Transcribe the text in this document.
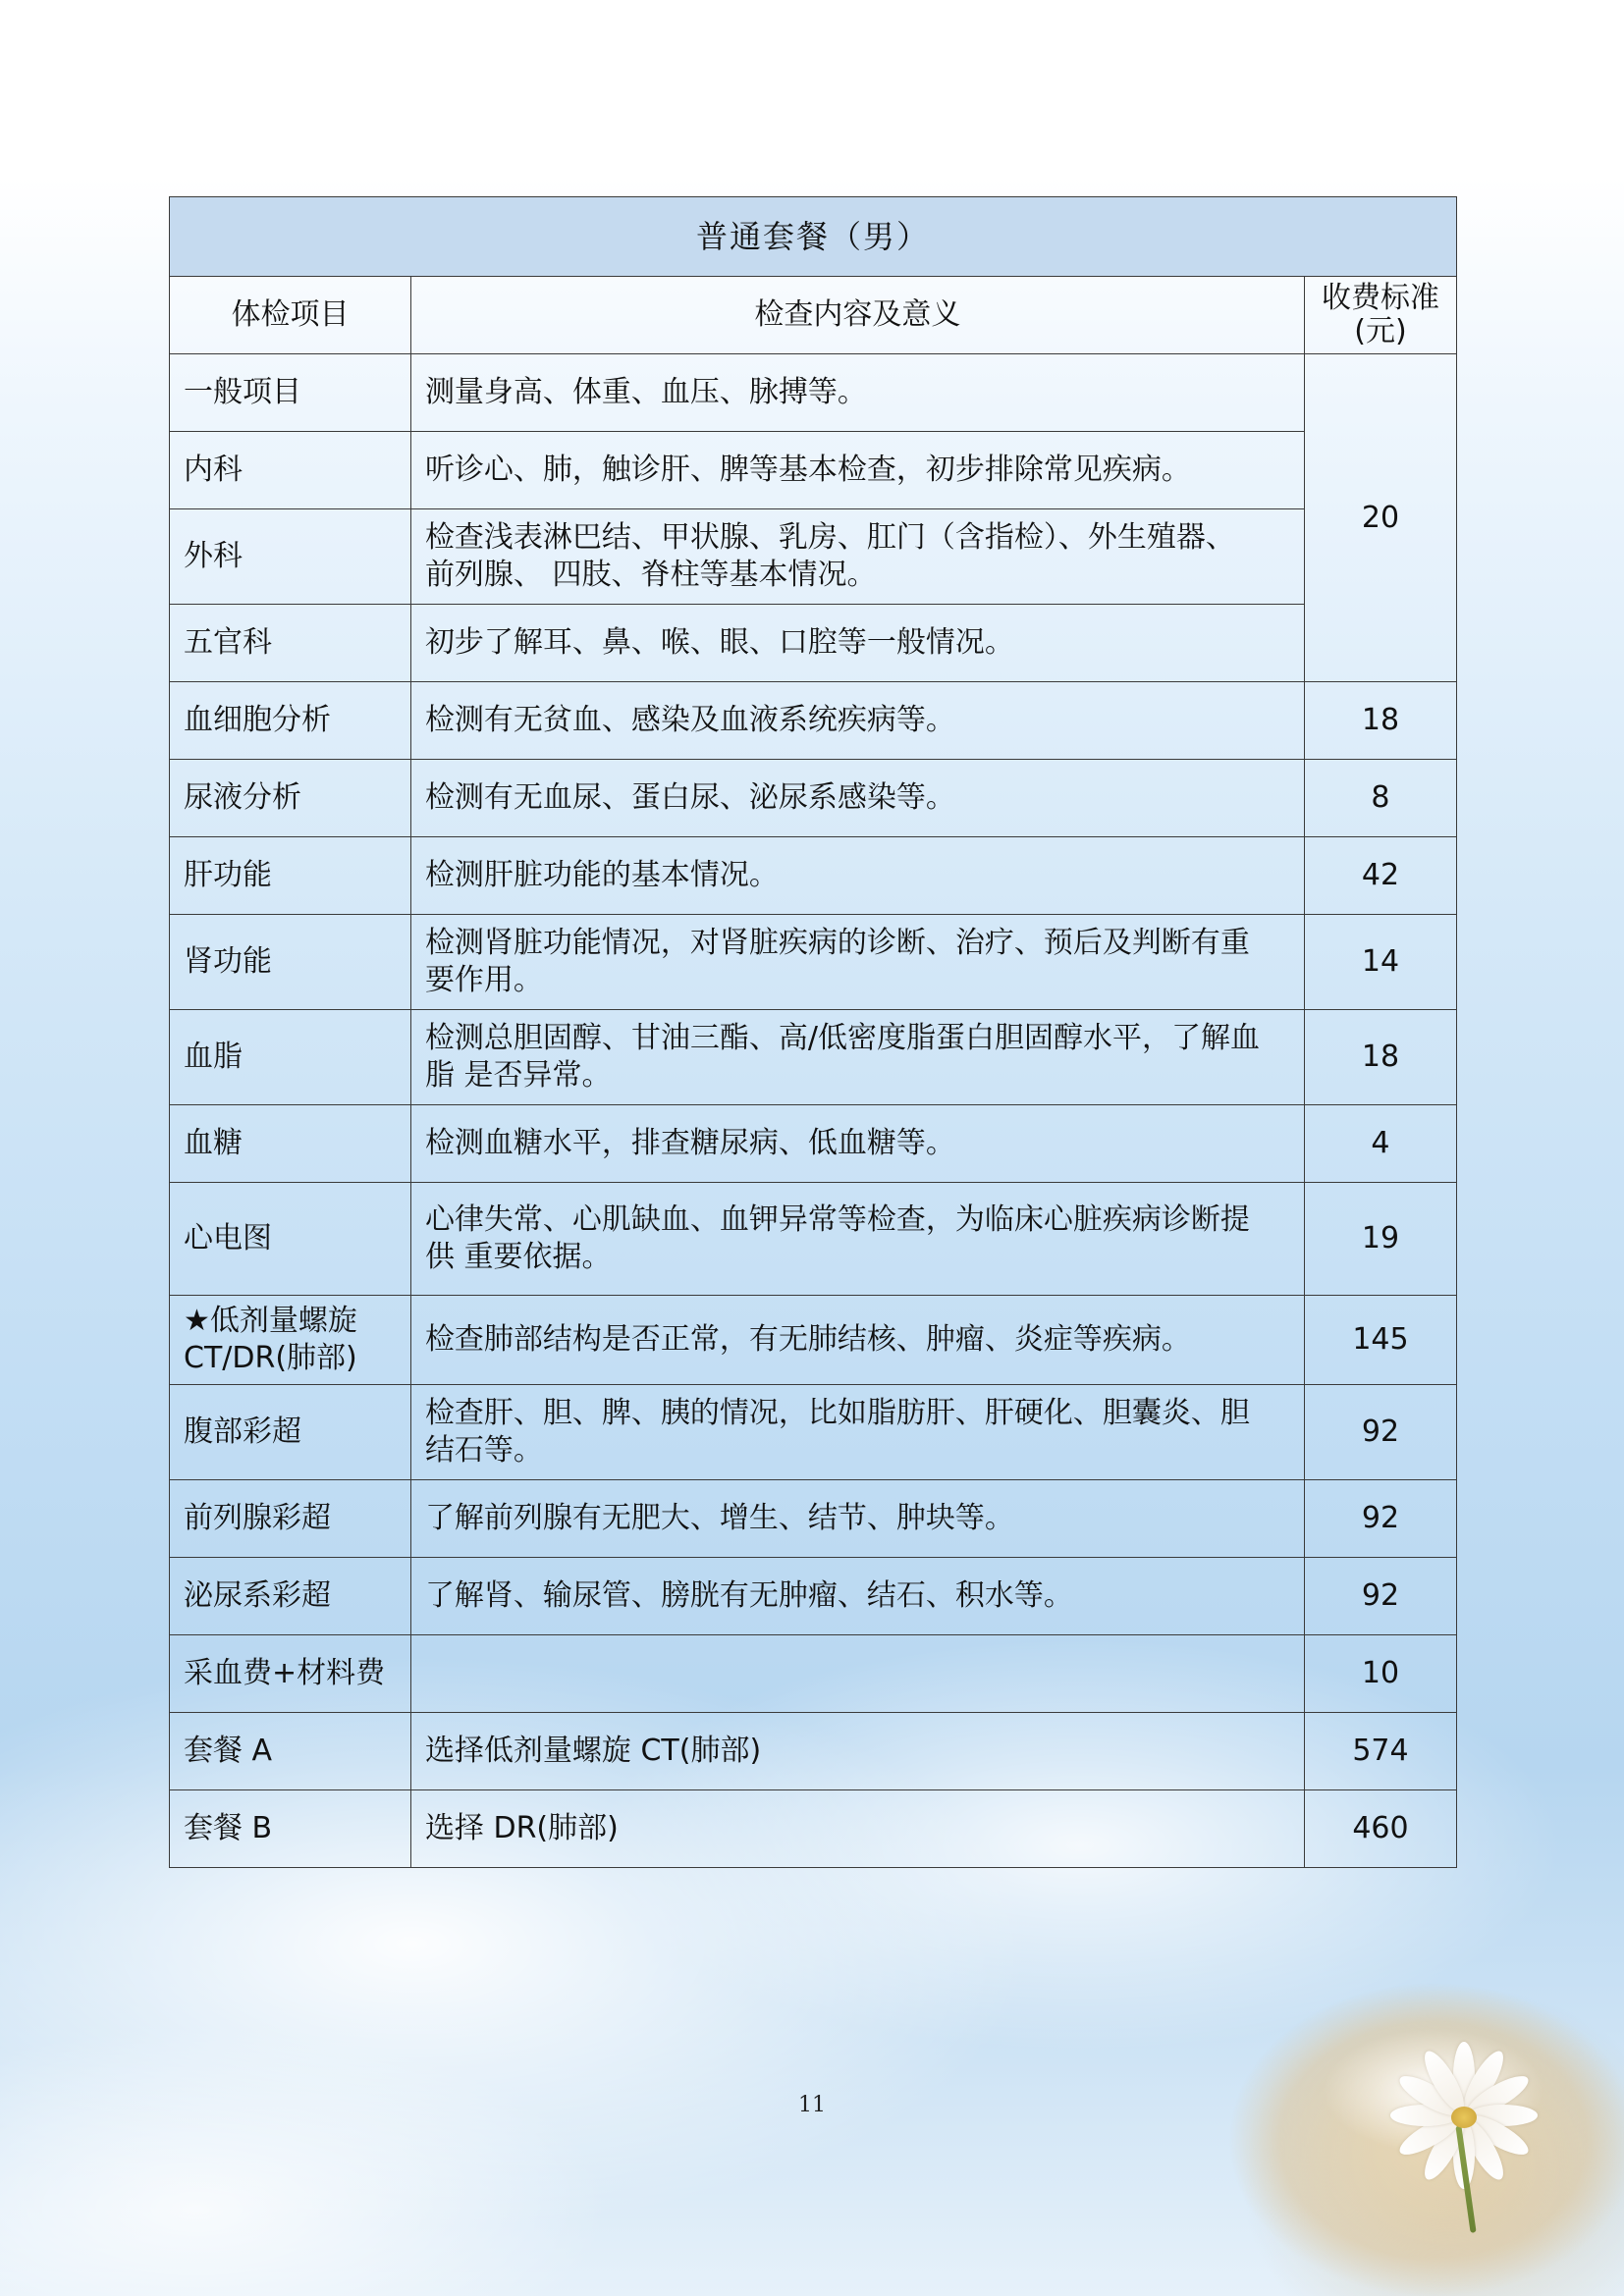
普通套餐（男）		
体检项目	检查内容及意义	收费标准
(元)
一般项目	测量身高、体重、血压、脉搏等。	20
内科	听诊心、肺，触诊肝、脾等基本检查，初步排除常见疾病。	
外科	检查浅表淋巴结、甲状腺、乳房、肛门（含指检）、外生殖器、
前列腺、 四肢、脊柱等基本情况。	
五官科	初步了解耳、鼻、喉、眼、口腔等一般情况。	
血细胞分析	检测有无贫血、感染及血液系统疾病等。	18
尿液分析	检测有无血尿、蛋白尿、泌尿系感染等。	8
肝功能	检测肝脏功能的基本情况。	42
肾功能	检测肾脏功能情况，对肾脏疾病的诊断、治疗、预后及判断有重
要作用。	14
血脂	检测总胆固醇、甘油三酯、高/低密度脂蛋白胆固醇水平，了解血
脂 是否异常。	18
血糖	检测血糖水平，排查糖尿病、低血糖等。	4
心电图	心律失常、心肌缺血、血钾异常等检查，为临床心脏疾病诊断提
供 重要依据。	19
★低剂量螺旋
CT/DR(肺部)	检查肺部结构是否正常，有无肺结核、肿瘤、炎症等疾病。	145
腹部彩超	检查肝、胆、脾、胰的情况，比如脂肪肝、肝硬化、胆囊炎、胆
结石等。	92
前列腺彩超	了解前列腺有无肥大、增生、结节、肿块等。	92
泌尿系彩超	了解肾、输尿管、膀胱有无肿瘤、结石、积水等。	92
采血费+材料费		10
套餐 A	选择低剂量螺旋 CT(肺部)	574
套餐 B	选择 DR(肺部)	460
11
